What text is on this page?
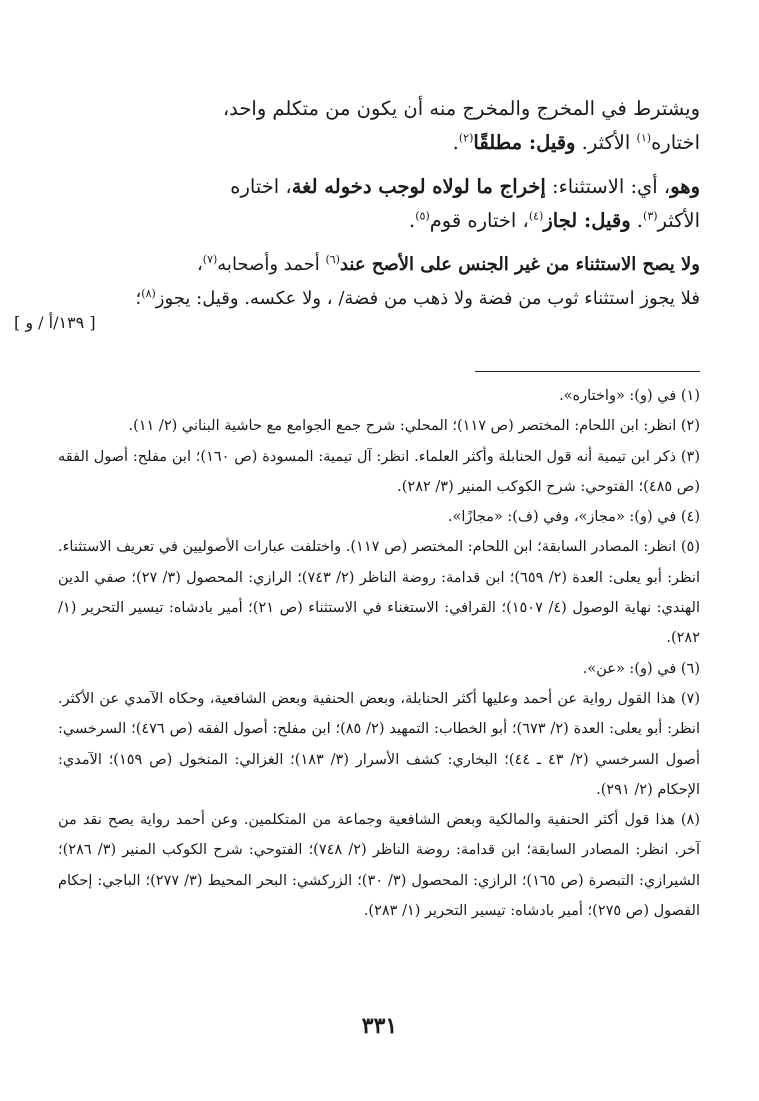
ويشترط في المخرج والمخرج منه أن يكون من متكلم واحد،
اختاره$^{(١)}$ الأكثر. وقيل: مطلقًا$^{(٢)}$.

وهو، أي: الاستثناء: إخراج ما لولاه لوجب دخوله لغة، اختاره
الأكثر$^{(٣)}$. وقيل: لجاز$^{(٤)}$، اختاره قوم$^{(٥)}$.

ولا يصح الاستثناء من غير الجنس على الأصح عند$^{(٦)}$ أحمد وأصحابه$^{(٧)}$،
فلا يجوز استثناء ثوب من فضة ولا ذهب من فضة/ ، ولا عكسه. وقيل: يجوز$^{(٨)}$؛

[ ١٣٩/أ / و ]

(١) في (و): «واختاره».

(٢) انظر: ابن اللحام: المختصر (ص ١١٧)؛ المحلي: شرح جمع الجوامع مع حاشية البناني (٢/ ١١).

(٣) ذكر ابن تيمية أنه قول الحنابلة وأكثر العلماء. انظر: آل تيمية: المسودة (ص ١٦٠)؛ ابن مفلح: أصول الفقه (ص ٤٨٥)؛ الفتوحي: شرح الكوكب المنير (٣/ ٢٨٢).

(٤) في (و): «مجاز»، وفي (ف): «مجازًا».

(٥) انظر: المصادر السابقة؛ ابن اللحام: المختصر (ص ١١٧). واختلفت عبارات الأصوليين في تعريف الاستثناء. انظر: أبو يعلى: العدة (٢/ ٦٥٩)؛ ابن قدامة: روضة الناظر (٢/ ٧٤٣)؛ الرازي: المحصول (٣/ ٢٧)؛ صفي الدين الهندي: نهاية الوصول (٤/ ١٥٠٧)؛ القرافي: الاستغناء في الاستثناء (ص ٢١)؛ أمير بادشاه: تيسير التحرير (١/ ٢٨٢).

(٦) في (و): «عن».

(٧) هذا القول رواية عن أحمد وعليها أكثر الحنابلة، وبعض الحنفية وبعض الشافعية، وحكاه الآمدي عن الأكثر. انظر: أبو يعلى: العدة (٢/ ٦٧٣)؛ أبو الخطاب: التمهيد (٢/ ٨٥)؛ ابن مفلح: أصول الفقه (ص ٤٧٦)؛ السرخسي: أصول السرخسي (٢/ ٤٣ ـ ٤٤)؛ البخاري: كشف الأسرار (٣/ ١٨٣)؛ الغزالي: المنخول (ص ١٥٩)؛ الآمدي: الإحكام (٢/ ٢٩١).

(٨) هذا قول أكثر الحنفية والمالكية وبعض الشافعية وجماعة من المتكلمين. وعن أحمد رواية يصح نقد من آخر. انظر: المصادر السابقة؛ ابن قدامة: روضة الناظر (٢/ ٧٤٨)؛ الفتوحي: شرح الكوكب المنير (٣/ ٢٨٦)؛ الشيرازي: التبصرة (ص ١٦٥)؛ الرازي: المحصول (٣/ ٣٠)؛ الزركشي: البحر المحيط (٣/ ٢٧٧)؛ الباجي: إحكام الفصول (ص ٢٧٥)؛ أمير بادشاه: تيسير التحرير (١/ ٢٨٣).

٣٣١
